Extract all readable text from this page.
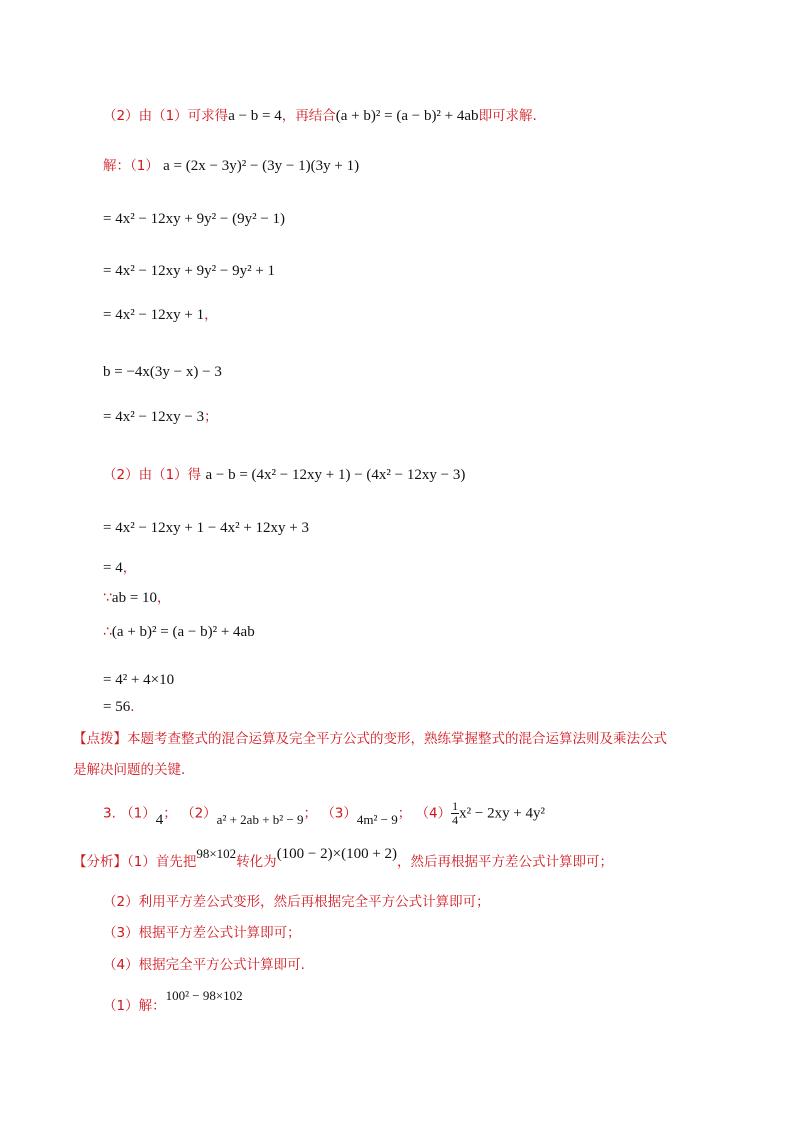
（2）由（1）可求得a − b = 4，再结合(a + b)² = (a − b)² + 4ab即可求解.
解：（1） a = (2x − 3y)² − (3y − 1)(3y + 1)
= 4x² − 12xy + 9y² − (9y² − 1)
= 4x² − 12xy + 9y² − 9y² + 1
= 4x² − 12xy + 1，
b = −4x(3y − x) − 3
= 4x² − 12xy − 3；
（2）由（1）得 a − b = (4x² − 12xy + 1) − (4x² − 12xy − 3)
= 4x² − 12xy + 1 − 4x² + 12xy + 3
= 4，
∵ab = 10，
∴(a + b)² = (a − b)² + 4ab
= 4² + 4×10
= 56.
【点拨】本题考查整式的混合运算及完全平方公式的变形，熟练掌握整式的混合运算法则及乘法公式
是解决问题的关键.
3. （1）4； （2）a² + 2ab + b² − 9； （3）4m² − 9； $(4) \frac{1}{4} x^2 - 2xy + 4y^2$
【分析】（1）首先把98×102转化为(100 − 2)×(100 + 2)，然后再根据平方差公式计算即可；
（2）利用平方差公式变形，然后再根据完全平方公式计算即可；
（3）根据平方差公式计算即可；
（4）根据完全平方公式计算即可.
（1）解：100² − 98×102
